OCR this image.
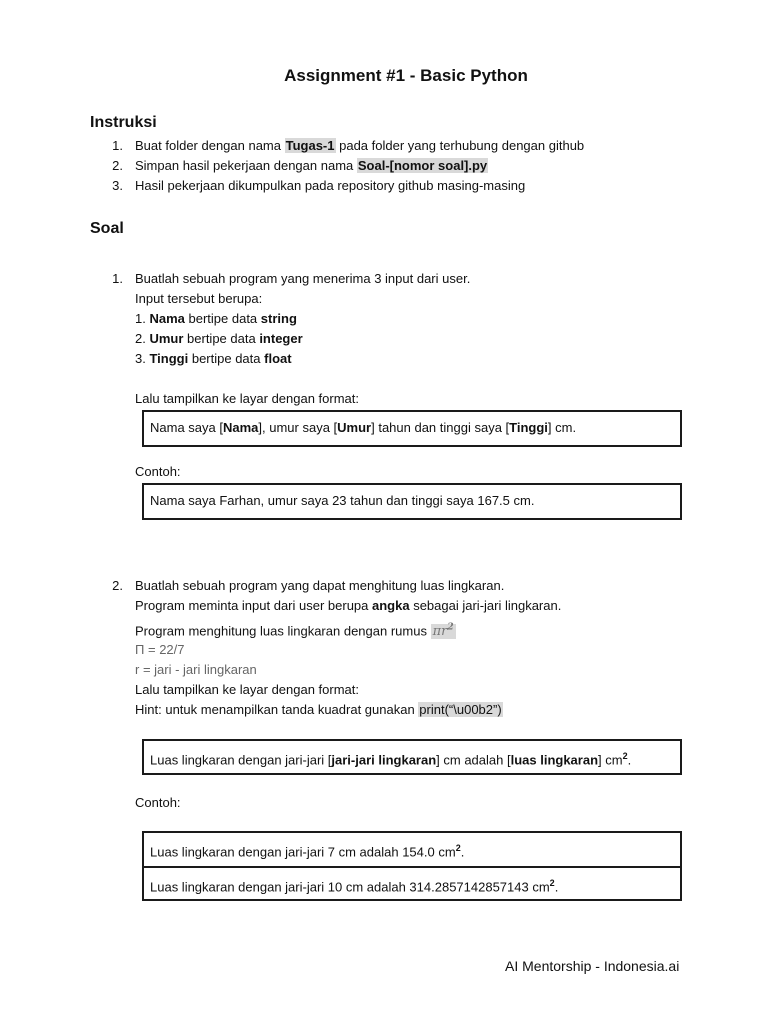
Assignment #1 - Basic Python
Instruksi
1. Buat folder dengan nama Tugas-1 pada folder yang terhubung dengan github
2. Simpan hasil pekerjaan dengan nama Soal-[nomor soal].py
3. Hasil pekerjaan dikumpulkan pada repository github masing-masing
Soal
1. Buatlah sebuah program yang menerima 3 input dari user.
Input tersebut berupa:
1. Nama bertipe data string
2. Umur bertipe data integer
3. Tinggi bertipe data float
Lalu tampilkan ke layar dengan format:
Nama saya [Nama], umur saya [Umur] tahun dan tinggi saya [Tinggi] cm.
Contoh:
Nama saya Farhan, umur saya 23 tahun dan tinggi saya 167.5 cm.
2. Buatlah sebuah program yang dapat menghitung luas lingkaran.
Program meminta input dari user berupa angka sebagai jari-jari lingkaran.
Program menghitung luas lingkaran dengan rumus $\pi r^2$
Π = 22/7
r = jari - jari lingkaran
Lalu tampilkan ke layar dengan format:
Hint: untuk menampilkan tanda kuadrat gunakan print(“\u00b2”)
Luas lingkaran dengan jari-jari [jari-jari lingkaran] cm adalah [luas lingkaran] $cm^2$.
Contoh:
Luas lingkaran dengan jari-jari 7 cm adalah 154.0 $cm^2$.
Luas lingkaran dengan jari-jari 10 cm adalah 314.2857142857143 $cm^2$.
AI Mentorship - Indonesia.ai
